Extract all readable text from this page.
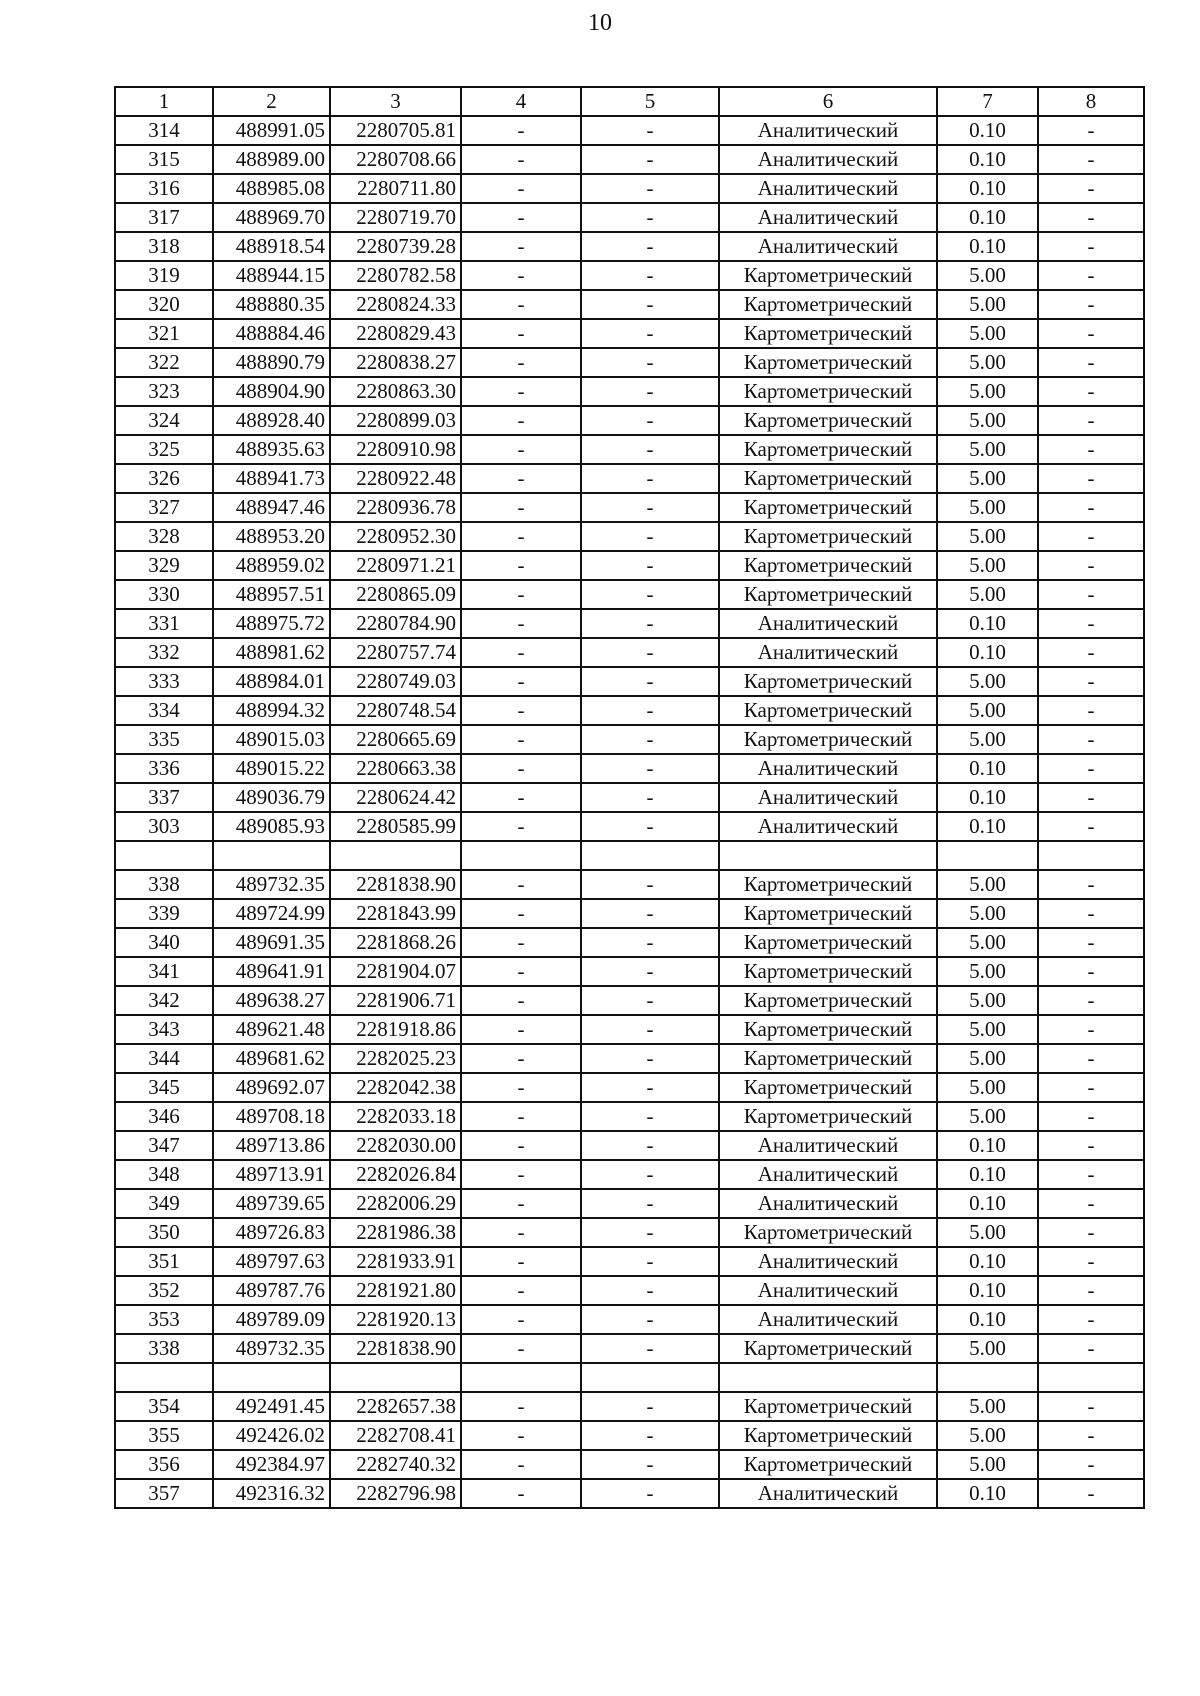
10
1	2	3	4	5	6	7	8
314	488991.05	2280705.81	-	-	Аналитический	0.10	-
315	488989.00	2280708.66	-	-	Аналитический	0.10	-
316	488985.08	2280711.80	-	-	Аналитический	0.10	-
317	488969.70	2280719.70	-	-	Аналитический	0.10	-
318	488918.54	2280739.28	-	-	Аналитический	0.10	-
319	488944.15	2280782.58	-	-	Картометрический	5.00	-
320	488880.35	2280824.33	-	-	Картометрический	5.00	-
321	488884.46	2280829.43	-	-	Картометрический	5.00	-
322	488890.79	2280838.27	-	-	Картометрический	5.00	-
323	488904.90	2280863.30	-	-	Картометрический	5.00	-
324	488928.40	2280899.03	-	-	Картометрический	5.00	-
325	488935.63	2280910.98	-	-	Картометрический	5.00	-
326	488941.73	2280922.48	-	-	Картометрический	5.00	-
327	488947.46	2280936.78	-	-	Картометрический	5.00	-
328	488953.20	2280952.30	-	-	Картометрический	5.00	-
329	488959.02	2280971.21	-	-	Картометрический	5.00	-
330	488957.51	2280865.09	-	-	Картометрический	5.00	-
331	488975.72	2280784.90	-	-	Аналитический	0.10	-
332	488981.62	2280757.74	-	-	Аналитический	0.10	-
333	488984.01	2280749.03	-	-	Картометрический	5.00	-
334	488994.32	2280748.54	-	-	Картометрический	5.00	-
335	489015.03	2280665.69	-	-	Картометрический	5.00	-
336	489015.22	2280663.38	-	-	Аналитический	0.10	-
337	489036.79	2280624.42	-	-	Аналитический	0.10	-
303	489085.93	2280585.99	-	-	Аналитический	0.10	-

338	489732.35	2281838.90	-	-	Картометрический	5.00	-
339	489724.99	2281843.99	-	-	Картометрический	5.00	-
340	489691.35	2281868.26	-	-	Картометрический	5.00	-
341	489641.91	2281904.07	-	-	Картометрический	5.00	-
342	489638.27	2281906.71	-	-	Картометрический	5.00	-
343	489621.48	2281918.86	-	-	Картометрический	5.00	-
344	489681.62	2282025.23	-	-	Картометрический	5.00	-
345	489692.07	2282042.38	-	-	Картометрический	5.00	-
346	489708.18	2282033.18	-	-	Картометрический	5.00	-
347	489713.86	2282030.00	-	-	Аналитический	0.10	-
348	489713.91	2282026.84	-	-	Аналитический	0.10	-
349	489739.65	2282006.29	-	-	Аналитический	0.10	-
350	489726.83	2281986.38	-	-	Картометрический	5.00	-
351	489797.63	2281933.91	-	-	Аналитический	0.10	-
352	489787.76	2281921.80	-	-	Аналитический	0.10	-
353	489789.09	2281920.13	-	-	Аналитический	0.10	-
338	489732.35	2281838.90	-	-	Картометрический	5.00	-

354	492491.45	2282657.38	-	-	Картометрический	5.00	-
355	492426.02	2282708.41	-	-	Картометрический	5.00	-
356	492384.97	2282740.32	-	-	Картометрический	5.00	-
357	492316.32	2282796.98	-	-	Аналитический	0.10	-
